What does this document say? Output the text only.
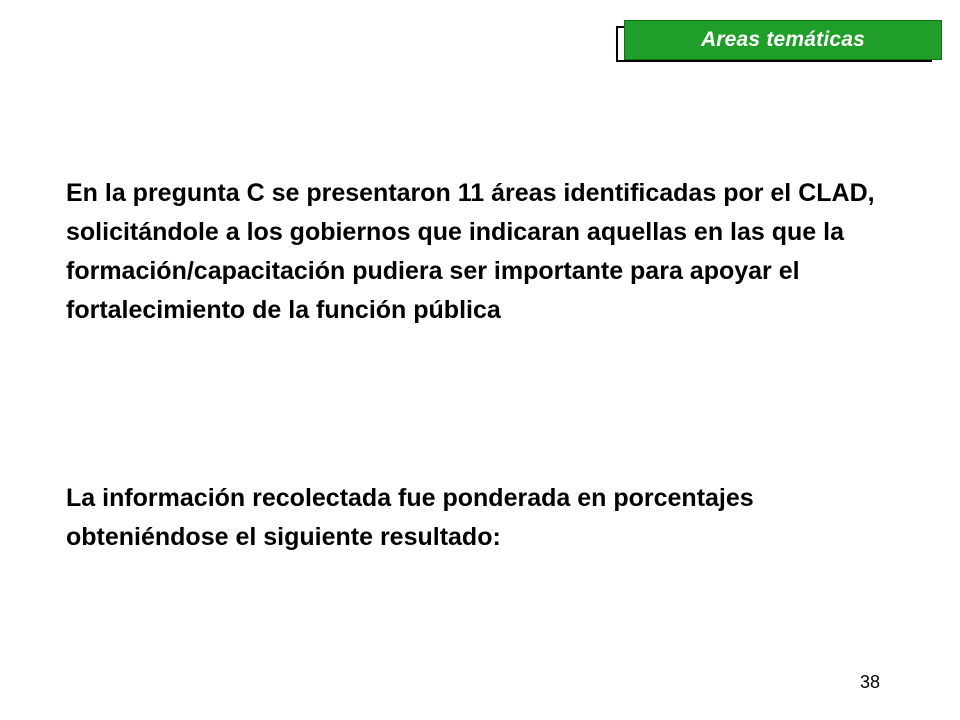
Areas temáticas

En la pregunta C se presentaron 11 áreas identificadas por el CLAD, solicitándole a los gobiernos que indicaran aquellas en las que la formación/capacitación pudiera ser importante para apoyar el fortalecimiento de la función pública

La información recolectada fue ponderada en porcentajes obteniéndose el siguiente resultado:

38
